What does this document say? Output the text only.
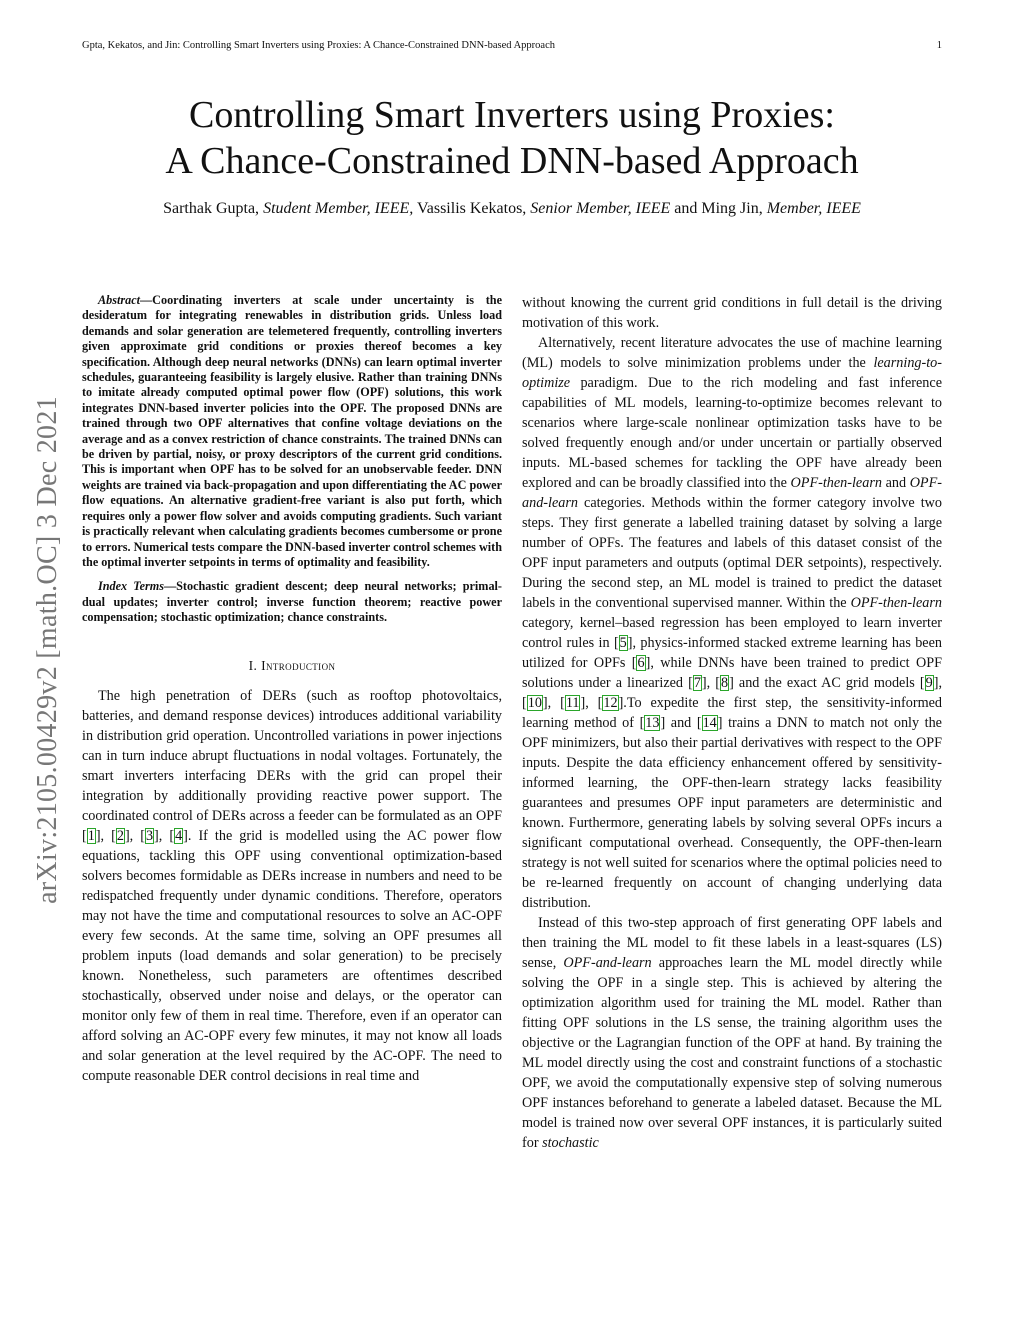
Gpta, Kekatos, and Jin: Controlling Smart Inverters using Proxies: A Chance-Constrained DNN-based Approach	1
Controlling Smart Inverters using Proxies:
A Chance-Constrained DNN-based Approach
Sarthak Gupta, Student Member, IEEE, Vassilis Kekatos, Senior Member, IEEE and Ming Jin, Member, IEEE
arXiv:2105.00429v2 [math.OC] 3 Dec 2021

Abstract—Coordinating inverters at scale under uncertainty is the desideratum for integrating renewables in distribution grids. Unless load demands and solar generation are telemetered frequently, controlling inverters given approximate grid conditions or proxies thereof becomes a key specification. Although deep neural networks (DNNs) can learn optimal inverter schedules, guaranteeing feasibility is largely elusive. Rather than training DNNs to imitate already computed optimal power flow (OPF) solutions, this work integrates DNN-based inverter policies into the OPF. The proposed DNNs are trained through two OPF alternatives that confine voltage deviations on the average and as a convex restriction of chance constraints. The trained DNNs can be driven by partial, noisy, or proxy descriptors of the current grid conditions. This is important when OPF has to be solved for an unobservable feeder. DNN weights are trained via back-propagation and upon differentiating the AC power flow equations. An alternative gradient-free variant is also put forth, which requires only a power flow solver and avoids computing gradients. Such variant is practically relevant when calculating gradients becomes cumbersome or prone to errors. Numerical tests compare the DNN-based inverter control schemes with the optimal inverter setpoints in terms of optimality and feasibility.

Index Terms—Stochastic gradient descent; deep neural networks; primal-dual updates; inverter control; inverse function theorem; reactive power compensation; stochastic optimization; chance constraints.

I. Introduction

The high penetration of DERs (such as rooftop photovoltaics, batteries, and demand response devices) introduces additional variability in distribution grid operation. Uncontrolled variations in power injections can in turn induce abrupt fluctuations in nodal voltages. Fortunately, the smart inverters interfacing DERs with the grid can propel their integration by additionally providing reactive power support. The coordinated control of DERs across a feeder can be formulated as an OPF [1], [2], [3], [4]. If the grid is modelled using the AC power flow equations, tackling this OPF using conventional optimization-based solvers becomes formidable as DERs increase in numbers and need to be redispatched frequently under dynamic conditions. Therefore, operators may not have the time and computational resources to solve an AC-OPF every few seconds. At the same time, solving an OPF presumes all problem inputs (load demands and solar generation) to be precisely known. Nonetheless, such parameters are oftentimes described stochastically, observed under noise and delays, or the operator can monitor only few of them in real time. Therefore, even if an operator can afford solving an AC-OPF every few minutes, it may not know all loads and solar generation at the level required by the AC-OPF. The need to compute reasonable DER control decisions in real time and

without knowing the current grid conditions in full detail is the driving motivation of this work.

Alternatively, recent literature advocates the use of machine learning (ML) models to solve minimization problems under the learning-to-optimize paradigm. Due to the rich modeling and fast inference capabilities of ML models, learning-to-optimize becomes relevant to scenarios where large-scale nonlinear optimization tasks have to be solved frequently enough and/or under uncertain or partially observed inputs. ML-based schemes for tackling the OPF have already been explored and can be broadly classified into the OPF-then-learn and OPF-and-learn categories. Methods within the former category involve two steps. They first generate a labelled training dataset by solving a large number of OPFs. The features and labels of this dataset consist of the OPF input parameters and outputs (optimal DER setpoints), respectively. During the second step, an ML model is trained to predict the dataset labels in the conventional supervised manner. Within the OPF-then-learn category, kernel–based regression has been employed to learn inverter control rules in [5], physics-informed stacked extreme learning has been utilized for OPFs [6], while DNNs have been trained to predict OPF solutions under a linearized [7], [8] and the exact AC grid models [9], [10], [11], [12].To expedite the first step, the sensitivity-informed learning method of [13] and [14] trains a DNN to match not only the OPF minimizers, but also their partial derivatives with respect to the OPF inputs. Despite the data efficiency enhancement offered by sensitivity-informed learning, the OPF-then-learn strategy lacks feasibility guarantees and presumes OPF input parameters are deterministic and known. Furthermore, generating labels by solving several OPFs incurs a significant computational overhead. Consequently, the OPF-then-learn strategy is not well suited for scenarios where the optimal policies need to be re-learned frequently on account of changing underlying data distribution.

Instead of this two-step approach of first generating OPF labels and then training the ML model to fit these labels in a least-squares (LS) sense, OPF-and-learn approaches learn the ML model directly while solving the OPF in a single step. This is achieved by altering the optimization algorithm used for training the ML model. Rather than fitting OPF solutions in the LS sense, the training algorithm uses the objective or the Lagrangian function of the OPF at hand. By training the ML model directly using the cost and constraint functions of a stochastic OPF, we avoid the computationally expensive step of solving numerous OPF instances beforehand to generate a labeled dataset. Because the ML model is trained now over several OPF instances, it is particularly suited for stochastic
